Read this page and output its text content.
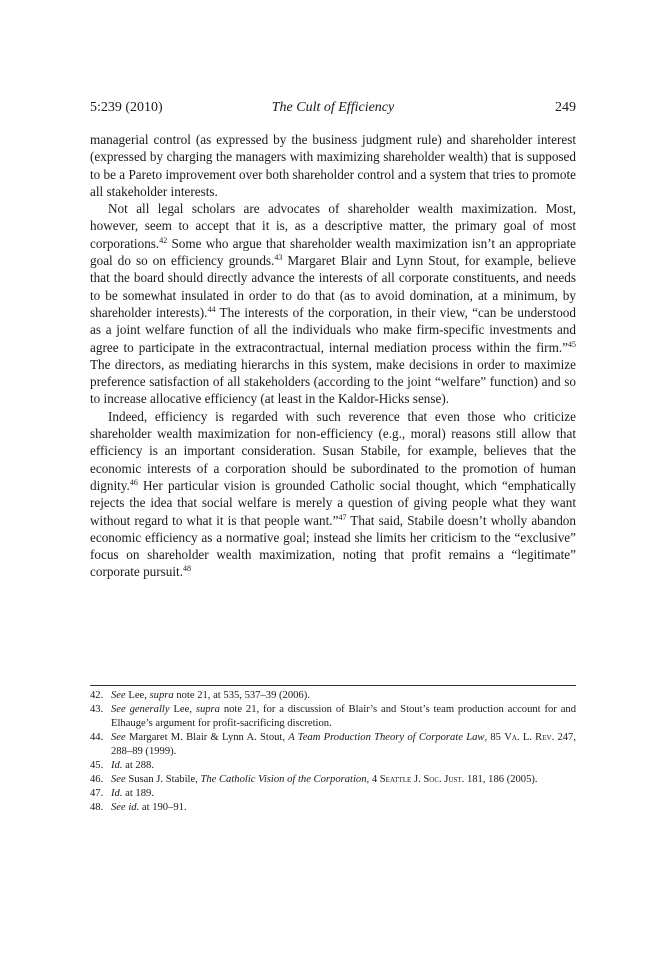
5:239 (2010)	The Cult of Efficiency	249

managerial control (as expressed by the business judgment rule) and shareholder interest (expressed by charging the managers with maximizing shareholder wealth) that is supposed to be a Pareto improvement over both shareholder control and a system that tries to promote all stakeholder interests.

Not all legal scholars are advocates of shareholder wealth maximization. Most, however, seem to accept that it is, as a descriptive matter, the primary goal of most corporations.$^{42}$ Some who argue that shareholder wealth maximization isn’t an appropriate goal do so on efficiency grounds.$^{43}$ Margaret Blair and Lynn Stout, for example, believe that the board should directly advance the interests of all corporate constituents, and needs to be somewhat insulated in order to do that (as to avoid domination, at a minimum, by shareholder interests).$^{44}$ The interests of the corporation, in their view, “can be understood as a joint welfare function of all the individuals who make firm-specific investments and agree to participate in the extracontractual, internal mediation process within the firm.”$^{45}$ The directors, as mediating hierarchs in this system, make decisions in order to maximize preference satisfaction of all stakeholders (according to the joint “welfare” function) and so to increase allocative efficiency (at least in the Kaldor-Hicks sense).

Indeed, efficiency is regarded with such reverence that even those who criticize shareholder wealth maximization for non-efficiency (e.g., moral) reasons still allow that efficiency is an important consideration. Susan Stabile, for example, believes that the economic interests of a corporation should be subordinated to the promotion of human dignity.$^{46}$ Her particular vision is grounded Catholic social thought, which “emphatically rejects the idea that social welfare is merely a question of giving people what they want without regard to what it is that people want.”$^{47}$ That said, Stabile doesn’t wholly abandon economic efficiency as a normative goal; instead she limits her criticism to the “exclusive” focus on shareholder wealth maximization, noting that profit remains a “legitimate” corporate pursuit.$^{48}$

42. See Lee, supra note 21, at 535, 537–39 (2006).
43. See generally Lee, supra note 21, for a discussion of Blair’s and Stout’s team production account for and Elhauge’s argument for profit-sacrificing discretion.
44. See Margaret M. Blair & Lynn A. Stout, A Team Production Theory of Corporate Law, 85 Va. L. Rev. 247, 288–89 (1999).
45. Id. at 288.
46. See Susan J. Stabile, The Catholic Vision of the Corporation, 4 Seattle J. Soc. Just. 181, 186 (2005).
47. Id. at 189.
48. See id. at 190–91.
